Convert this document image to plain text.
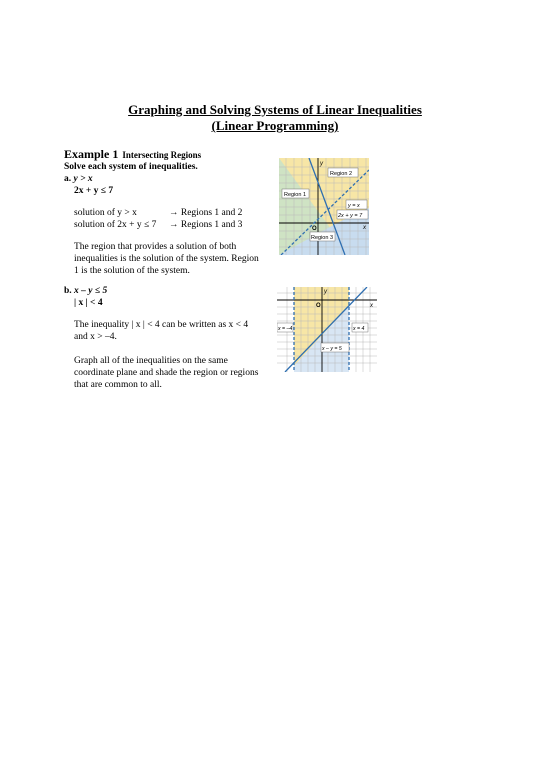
Graphing and Solving Systems of Linear Inequalities
(Linear Programming)
Example 1 Intersecting Regions
Solve each system of inequalities.
a. y > x
2x + y ≤ 7
solution of y > x	→ Regions 1 and 2
solution of 2x + y ≤ 7 → Regions 1 and 3
The region that provides a solution of both inequalities is the solution of the system. Region 1 is the solution of the system.
y
x
O
Region 2
Region 1
y = x
2x + y = 7
Region 3
b. x – y ≤ 5
| x | < 4
The inequality | x | < 4 can be written as x < 4 and x > –4.
Graph all of the inequalities on the same coordinate plane and shade the region or regions that are common to all.
y
x
O
x = –4	x = 4
x – y = 5
